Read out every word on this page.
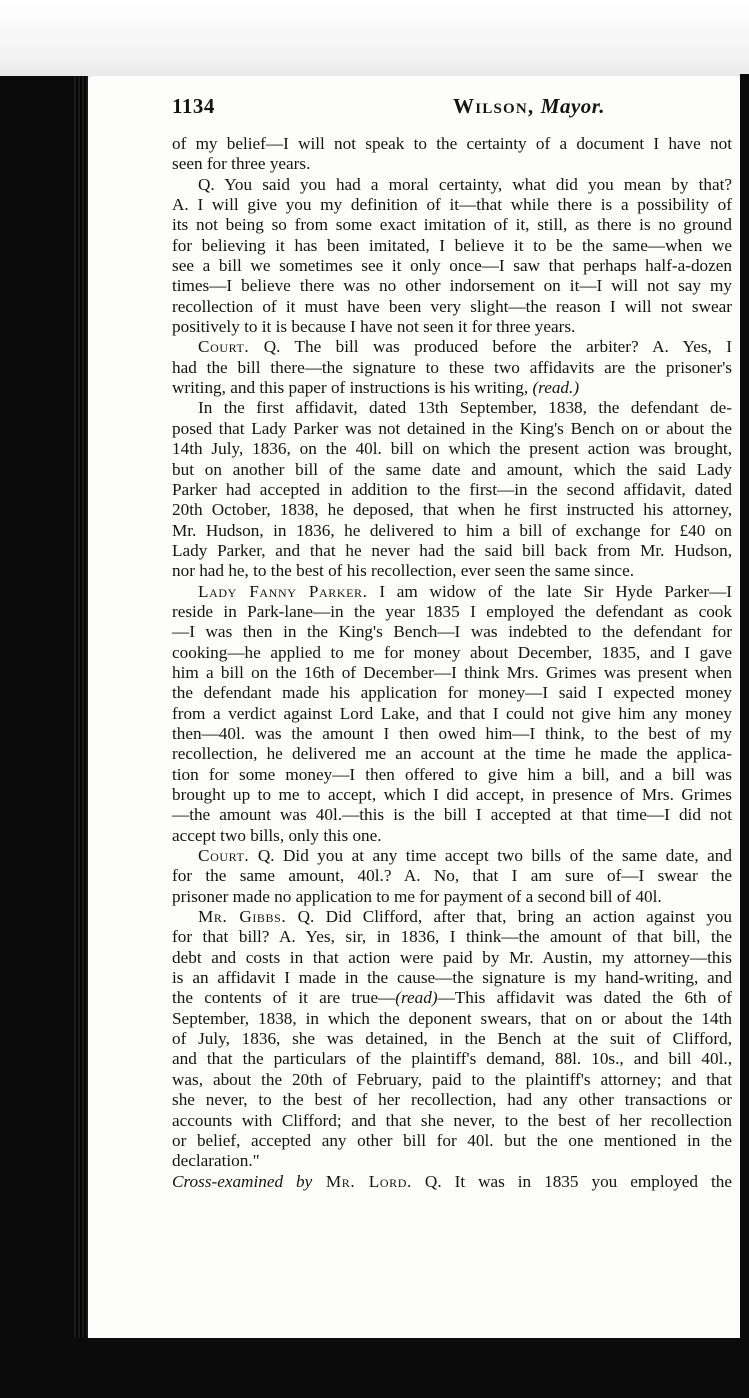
1134	Wilson, Mayor.
of my belief—I will not speak to the certainty of a document I have not
seen for three years.
Q. You said you had a moral certainty, what did you mean by that?
A. I will give you my definition of it—that while there is a possibility of
its not being so from some exact imitation of it, still, as there is no ground
for believing it has been imitated, I believe it to be the same—when we
see a bill we sometimes see it only once—I saw that perhaps half-a-dozen
times—I believe there was no other indorsement on it—I will not say my
recollection of it must have been very slight—the reason I will not swear
positively to it is because I have not seen it for three years.
Court. Q. The bill was produced before the arbiter? A. Yes, I
had the bill there—the signature to these two affidavits are the prisoner's
writing, and this paper of instructions is his writing, (read.)
In the first affidavit, dated 13th September, 1838, the defendant de-
posed that Lady Parker was not detained in the King's Bench on or about the
14th July, 1836, on the 40l. bill on which the present action was brought,
but on another bill of the same date and amount, which the said Lady
Parker had accepted in addition to the first—in the second affidavit, dated
20th October, 1838, he deposed, that when he first instructed his attorney,
Mr. Hudson, in 1836, he delivered to him a bill of exchange for £40 on
Lady Parker, and that he never had the said bill back from Mr. Hudson,
nor had he, to the best of his recollection, ever seen the same since.
Lady Fanny Parker. I am widow of the late Sir Hyde Parker—I
reside in Park-lane—in the year 1835 I employed the defendant as cook
—I was then in the King's Bench—I was indebted to the defendant for
cooking—he applied to me for money about December, 1835, and I gave
him a bill on the 16th of December—I think Mrs. Grimes was present when
the defendant made his application for money—I said I expected money
from a verdict against Lord Lake, and that I could not give him any money
then—40l. was the amount I then owed him—I think, to the best of my
recollection, he delivered me an account at the time he made the applica-
tion for some money—I then offered to give him a bill, and a bill was
brought up to me to accept, which I did accept, in presence of Mrs. Grimes
—the amount was 40l.—this is the bill I accepted at that time—I did not
accept two bills, only this one.
Court. Q. Did you at any time accept two bills of the same date, and
for the same amount, 40l.? A. No, that I am sure of—I swear the
prisoner made no application to me for payment of a second bill of 40l.
Mr. Gibbs. Q. Did Clifford, after that, bring an action against you
for that bill? A. Yes, sir, in 1836, I think—the amount of that bill, the
debt and costs in that action were paid by Mr. Austin, my attorney—this
is an affidavit I made in the cause—the signature is my hand-writing, and
the contents of it are true—(read)—This affidavit was dated the 6th of
September, 1838, in which the deponent swears, that on or about the 14th
of July, 1836, she was detained, in the Bench at the suit of Clifford,
and that the particulars of the plaintiff's demand, 88l. 10s., and bill 40l.,
was, about the 20th of February, paid to the plaintiff's attorney; and that
she never, to the best of her recollection, had any other transactions or
accounts with Clifford; and that she never, to the best of her recollection
or belief, accepted any other bill for 40l. but the one mentioned in the
declaration."
Cross-examined by Mr. Lord. Q. It was in 1835 you employed the
